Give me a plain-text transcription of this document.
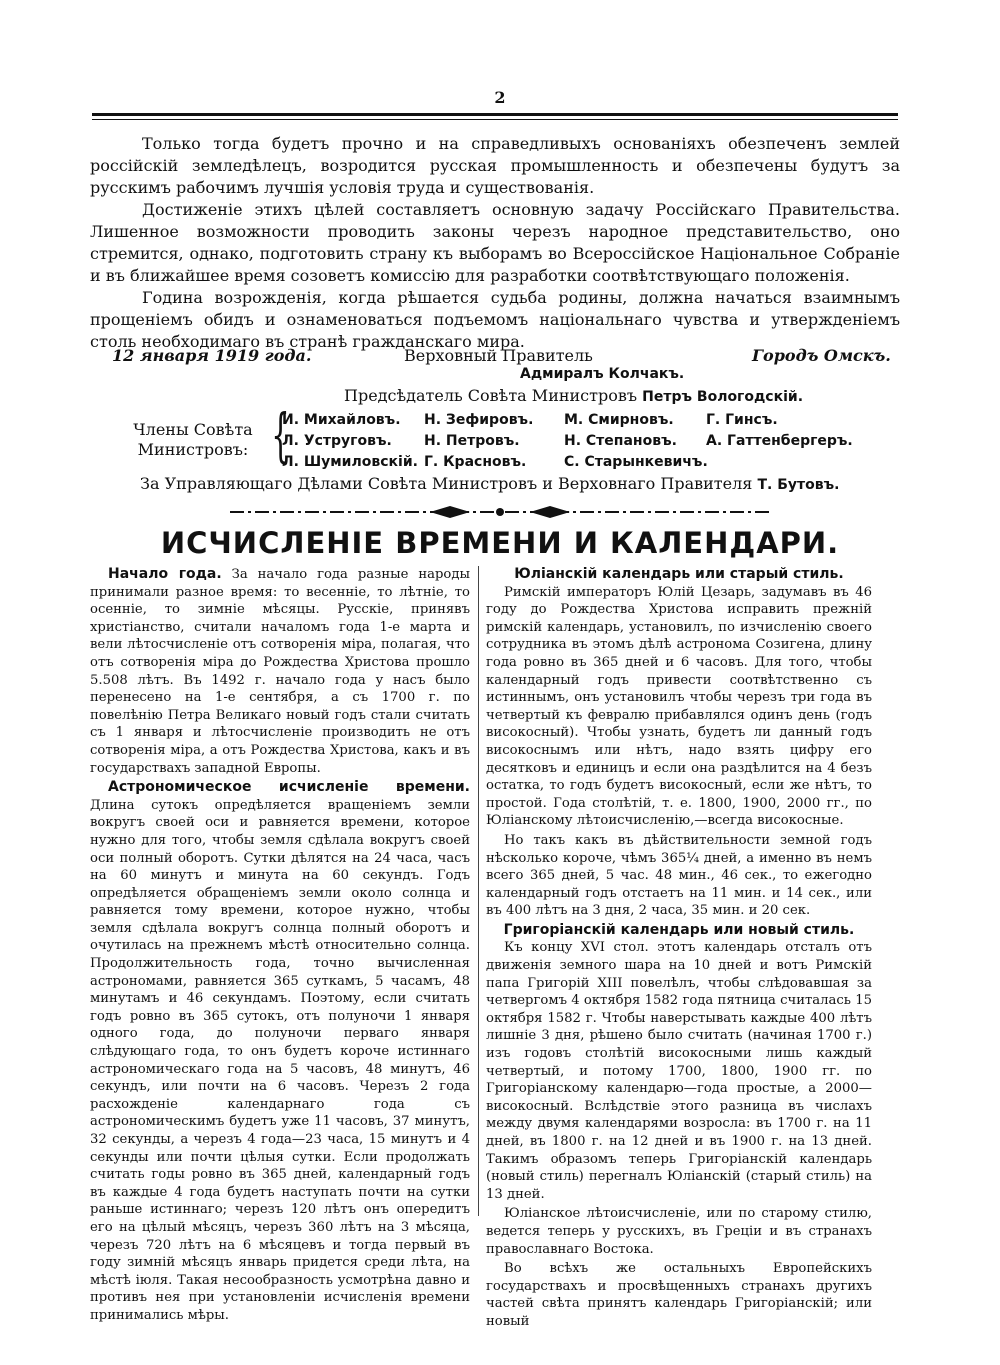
2

Только тогда будетъ прочно и на справедливыхъ основаніяхъ обезпеченъ землей россійскій земледѣлецъ, возродится русская промышленность и обезпечены будутъ за русскимъ рабочимъ лучшія условія труда и существованія.

Достиженіе этихъ цѣлей составляетъ основную задачу Россійскаго Правительства. Лишенное возможности проводить законы черезъ народное представительство, оно стремится, однако, подготовить страну къ выборамъ во Всероссійское Національное Собраніе и въ ближайшее время созоветъ комиссію для разработки соотвѣтствующаго положенія.

Година возрожденія, когда рѣшается судьба родины, должна начаться взаимнымъ прощеніемъ обидъ и ознаменоваться подъемомъ національнаго чувства и утвержденіемъ столь необходимаго въ странѣ гражданскаго мира.

12 января 1919 года.	Верховный Правитель	Городъ Омскъ.
Адмиралъ Колчакъ.
Предсѣдатель Совѣта Министровъ Петръ Вологодскій.
Члены Совѣта Министровъ: {
И. Михайловъ.	Н. Зефировъ.	М. Смирновъ.	Г. Гинсъ.
Л. Уструговъ.	Н. Петровъ.	Н. Степановъ.	А. Гаттенбергеръ.
Л. Шумиловскій. Г. Красновъ.	С. Старынкевичъ.
За Управляющаго Дѣлами Совѣта Министровъ и Верховнаго Правителя Т. Бутовъ.
ИСЧИСЛЕНІЕ ВРЕМЕНИ И КАЛЕНДАРИ.

Начало года. За начало года разные народы принимали разное время: то весенніе, то лѣтніе, то осенніе, то зимніе мѣсяцы. Русскіе, принявъ христіанство, считали началомъ года 1-е марта и вели лѣтосчисленіе отъ сотворенія міра, полагая, что отъ сотворенія міра до Рождества Христова прошло 5.508 лѣтъ. Въ 1492 г. начало года у насъ было перенесено на 1-е сентября, а съ 1700 г. по повелѣнію Петра Великаго новый годъ стали считать съ 1 января и лѣтосчисленіе производить не отъ сотворенія міра, а отъ Рождества Христова, какъ и въ государствахъ западной Европы.

Астрономическое исчисленіе времени. Длина сутокъ опредѣляется вращеніемъ земли вокругъ своей оси и равняется времени, которое нужно для того, чтобы земля сдѣлала вокругъ своей оси полный оборотъ. Сутки дѣлятся на 24 часа, часъ на 60 минутъ и минута на 60 секундъ. Годъ опредѣляется обращеніемъ земли около солнца и равняется тому времени, которое нужно, чтобы земля сдѣлала вокругъ солнца полный оборотъ и очутилась на прежнемъ мѣстѣ относительно солнца. Продолжительность года, точно вычисленная астрономами, равняется 365 суткамъ, 5 часамъ, 48 минутамъ и 46 секундамъ. Поэтому, если считать годъ ровно въ 365 сутокъ, отъ полуночи 1 января одного года, до полуночи перваго января слѣдующаго года, то онъ будетъ короче истиннаго астрономическаго года на 5 часовъ, 48 минутъ, 46 секундъ, или почти на 6 часовъ. Черезъ 2 года расхожденіе календарнаго года съ астрономическимъ будетъ уже 11 часовъ, 37 минутъ, 32 секунды, а черезъ 4 года—23 часа, 15 минутъ и 4 секунды или почти цѣлыя сутки. Если продолжать считать годы ровно въ 365 дней, календарный годъ въ каждые 4 года будетъ наступать почти на сутки раньше истиннаго; черезъ 120 лѣтъ онъ опередитъ его на цѣлый мѣсяцъ, черезъ 360 лѣтъ на 3 мѣсяца, черезъ 720 лѣтъ на 6 мѣсяцевъ и тогда первый въ году зимній мѣсяцъ январь придется среди лѣта, на мѣстѣ іюля. Такая несообразность усмотрѣна давно и противъ нея при установленіи исчисленія времени принимались мѣры.

Юліанскій календарь или старый стиль.

Римскій императоръ Юлій Цезарь, задумавъ въ 46 году до Рождества Христова исправить прежній римскій календарь, установилъ, по изчисленію своего сотрудника въ этомъ дѣлѣ астронома Созигена, длину года ровно въ 365 дней и 6 часовъ. Для того, чтобы календарный годъ привести соотвѣтственно съ истиннымъ, онъ установилъ чтобы черезъ три года въ четвертый къ февралю прибавлялся одинъ день (годъ високосный). Чтобы узнать, будетъ ли данный годъ високоснымъ или нѣтъ, надо взять цифру его десятковъ и единицъ и если она раздѣлится на 4 безъ остатка, то годъ будетъ високосный, если же нѣтъ, то простой. Года столѣтій, т. е. 1800, 1900, 2000 гг., по Юліанскому лѣтоисчисленію,—всегда високосные.

Но такъ какъ въ дѣйствительности земной годъ нѣсколько короче, чѣмъ 365¼ дней, а именно въ немъ всего 365 дней, 5 час. 48 мин., 46 сек., то ежегодно календарный годъ отстаетъ на 11 мин. и 14 сек., или въ 400 лѣтъ на 3 дня, 2 часа, 35 мин. и 20 сек.

Григоріанскій календарь или новый стиль.

Къ концу XVI стол. этотъ календарь отсталъ отъ движенія земного шара на 10 дней и вотъ Римскій папа Григорій XIII повелѣлъ, чтобы слѣдовавшая за четвергомъ 4 октября 1582 года пятница считалась 15 октября 1582 г. Чтобы наверстывать каждые 400 лѣтъ лишніе 3 дня, рѣшено было считать (начиная 1700 г.) изъ годовъ столѣтій високосными лишь каждый четвертый, и потому 1700, 1800, 1900 гг. по Григоріанскому календарю—года простые, а 2000—високосный. Вслѣдствіе этого разница въ числахъ между двумя календарями возросла: въ 1700 г. на 11 дней, въ 1800 г. на 12 дней и въ 1900 г. на 13 дней. Такимъ образомъ теперь Григоріанскій календарь (новый стиль) перегналъ Юліанскій (старый стиль) на 13 дней.

Юліанское лѣтоисчисленіе, или по старому стилю, ведется теперь у русскихъ, въ Греціи и въ странахъ православнаго Востока.

Во всѣхъ же остальныхъ Европейскихъ государствахъ и просвѣщенныхъ странахъ другихъ частей свѣта принятъ календарь Григоріанскій; или новый
